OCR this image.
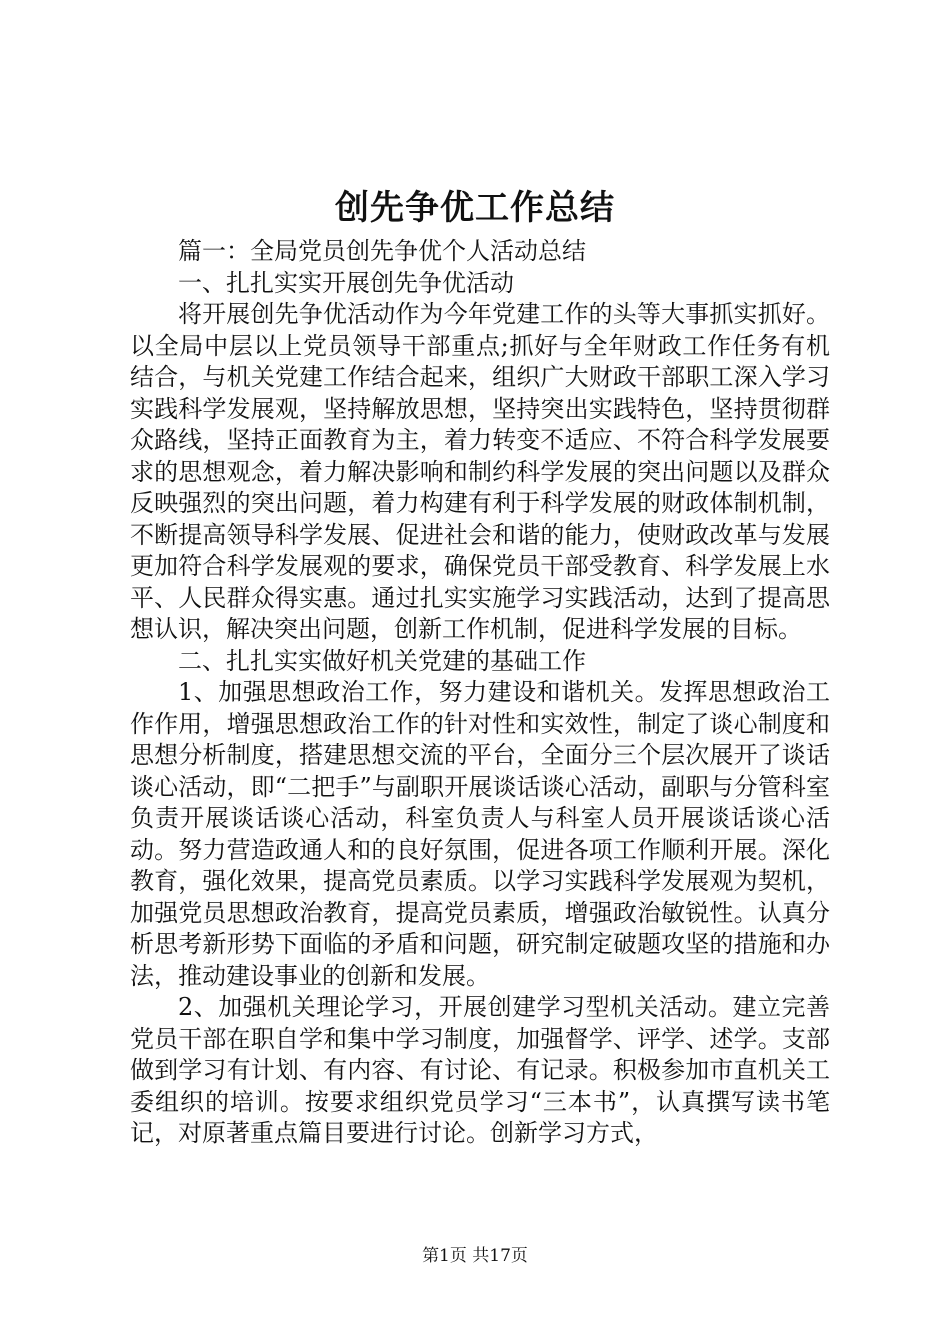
创先争优工作总结

篇一：全局党员创先争优个人活动总结

一、扎扎实实开展创先争优活动

将开展创先争优活动作为今年党建工作的头等大事抓实抓好。以全局中层以上党员领导干部重点;抓好与全年财政工作任务有机结合，与机关党建工作结合起来，组织广大财政干部职工深入学习实践科学发展观，坚持解放思想，坚持突出实践特色，坚持贯彻群众路线，坚持正面教育为主，着力转变不适应、不符合科学发展要求的思想观念，着力解决影响和制约科学发展的突出问题以及群众反映强烈的突出问题，着力构建有利于科学发展的财政体制机制，不断提高领导科学发展、促进社会和谐的能力，使财政改革与发展更加符合科学发展观的要求，确保党员干部受教育、科学发展上水平、人民群众得实惠。通过扎实实施学习实践活动，达到了提高思想认识，解决突出问题，创新工作机制，促进科学发展的目标。

二、扎扎实实做好机关党建的基础工作

1、加强思想政治工作，努力建设和谐机关。发挥思想政治工作作用，增强思想政治工作的针对性和实效性，制定了谈心制度和思想分析制度，搭建思想交流的平台，全面分三个层次展开了谈话谈心活动，即“二把手”与副职开展谈话谈心活动，副职与分管科室负责开展谈话谈心活动，科室负责人与科室人员开展谈话谈心活动。努力营造政通人和的良好氛围，促进各项工作顺利开展。深化教育，强化效果，提高党员素质。以学习实践科学发展观为契机，加强党员思想政治教育，提高党员素质，增强政治敏锐性。认真分析思考新形势下面临的矛盾和问题，研究制定破题攻坚的措施和办法，推动建设事业的创新和发展。

2、加强机关理论学习，开展创建学习型机关活动。建立完善党员干部在职自学和集中学习制度，加强督学、评学、述学。支部做到学习有计划、有内容、有讨论、有记录。积极参加市直机关工委组织的培训。按要求组织党员学习“三本书”，认真撰写读书笔记，对原著重点篇目要进行讨论。创新学习方式，

第1页 共17页
